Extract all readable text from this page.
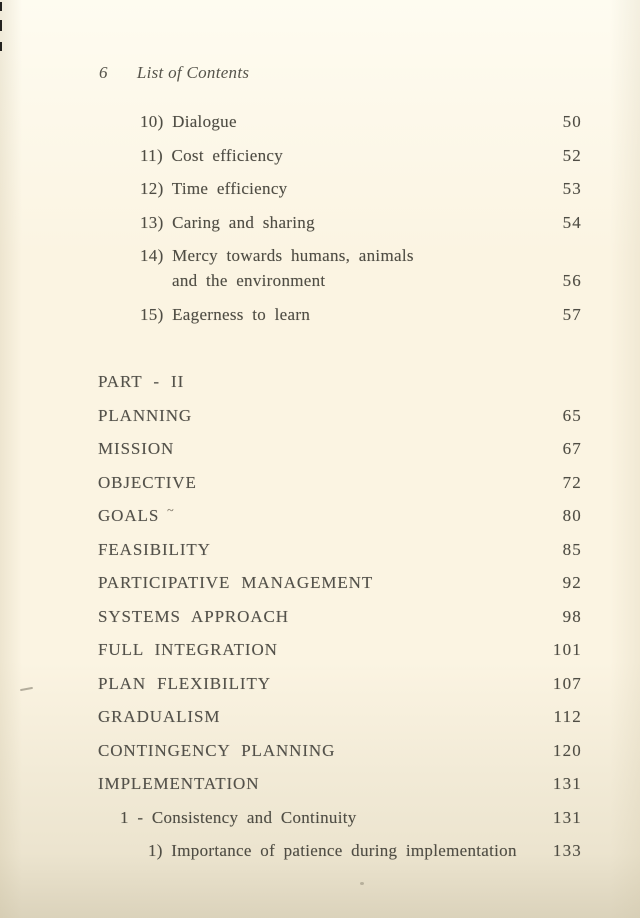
6 List of Contents
10) Dialogue	50
11) Cost efficiency	52
12) Time efficiency	53
13) Caring and sharing	54
14) Mercy towards humans, animals
and the environment	56
15) Eagerness to learn	57
PART - II
PLANNING	65
MISSION	67
OBJECTIVE	72
GOALS ~	80
FEASIBILITY	85
PARTICIPATIVE MANAGEMENT	92
SYSTEMS APPROACH	98
FULL INTEGRATION	101
PLAN FLEXIBILITY	107
GRADUALISM	112
CONTINGENCY PLANNING	120
IMPLEMENTATION	131
1 - Consistency and Continuity	131
1) Importance of patience during implementation	133
